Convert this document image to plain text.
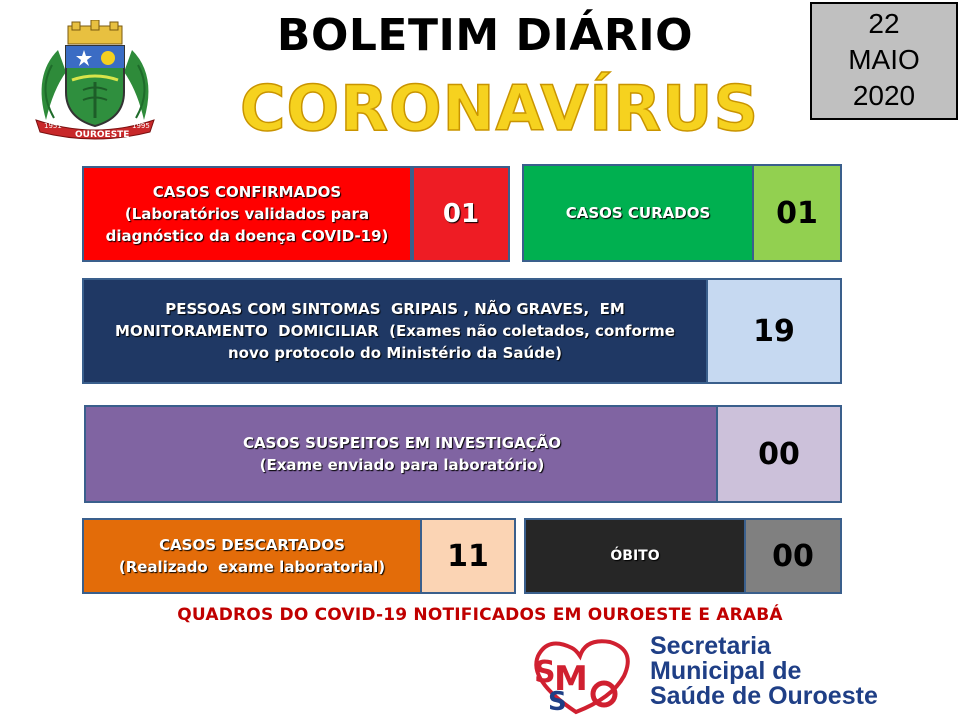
1951	1995
OUROESTE
BOLETIM DIÁRIO
CORONAVÍRUS
22
MAIO
2020
CASOS CONFIRMADOS
(Laboratórios validados para
diagnóstico da doença COVID-19)
01	CASOS CURADOS	01
PESSOAS COM SINTOMAS  GRIPAIS , NÃO GRAVES,  EM
MONITORAMENTO  DOMICILIAR  (Exames não coletados, conforme
novo protocolo do Ministério da Saúde)
19
CASOS SUSPEITOS EM INVESTIGAÇÃO
(Exame enviado para laboratório)	00
CASOS DESCARTADOS
(Realizado  exame laboratorial)	11	ÓBITO	00
QUADROS DO COVID-19 NOTIFICADOS EM OUROESTE E ARABÁ
S
M
S
Secretaria
Municipal de
Saúde de Ouroeste
